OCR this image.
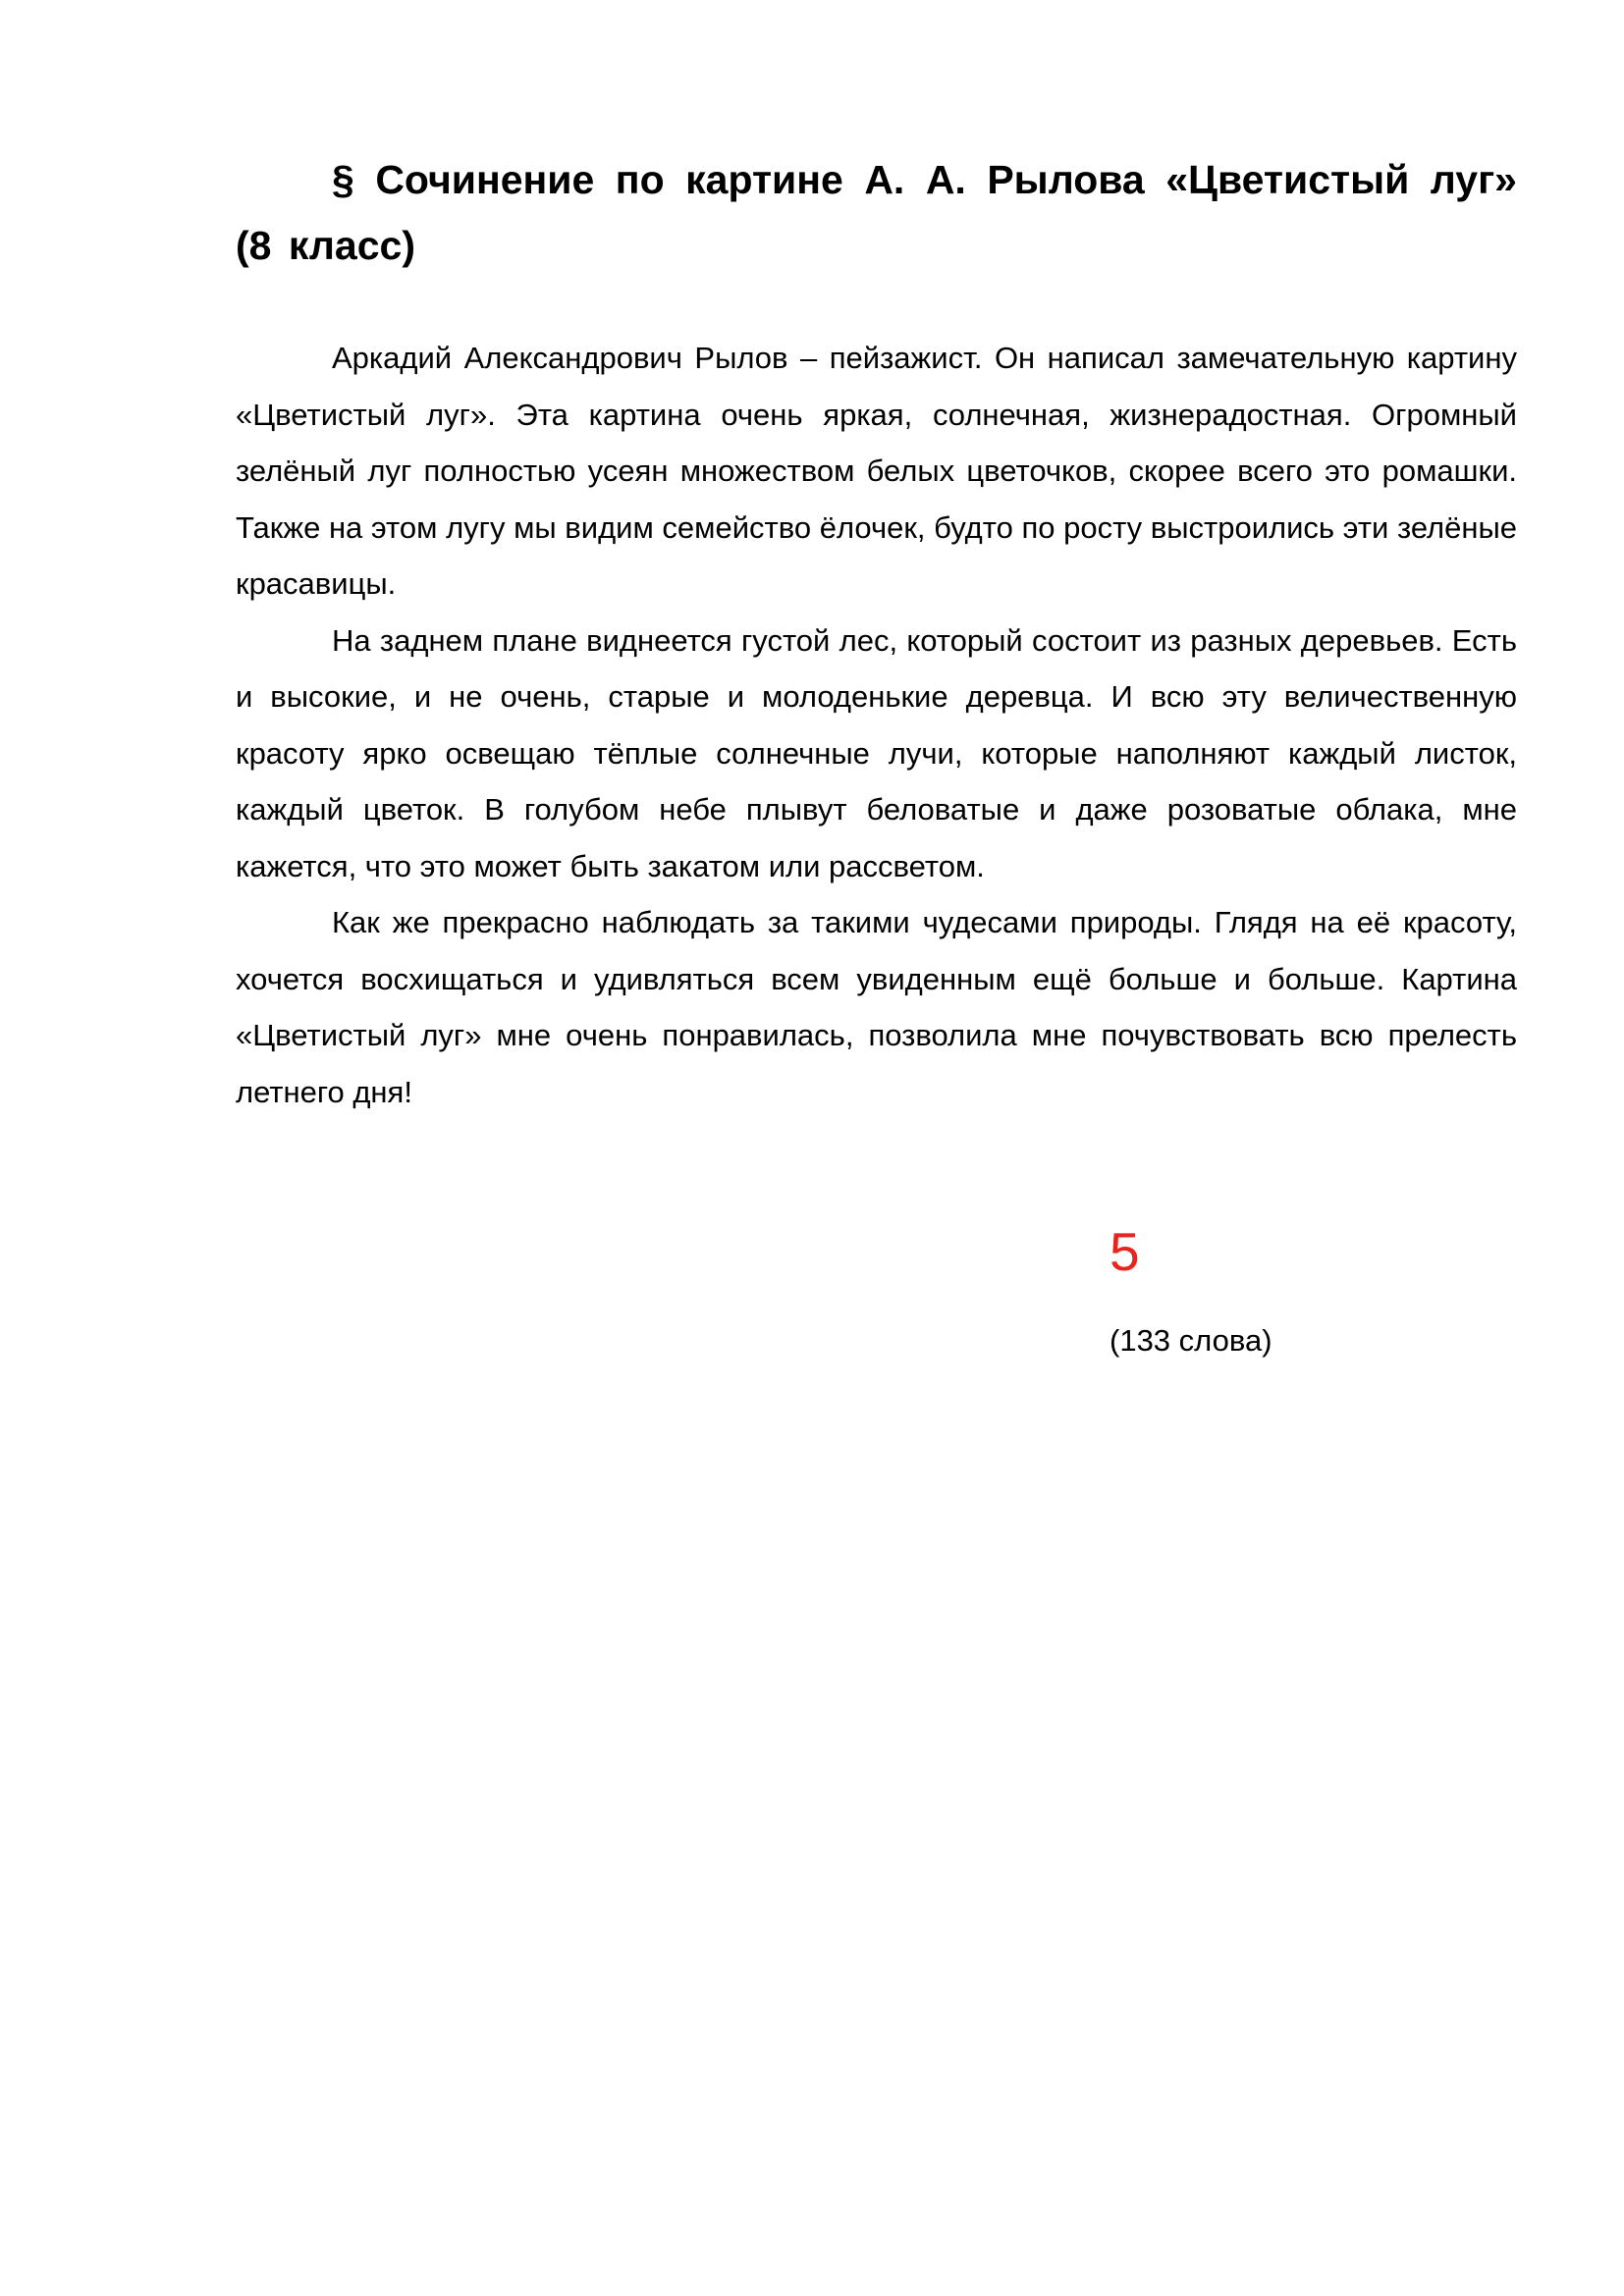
§ Сочинение по картине А. А. Рылова «Цветистый луг» (8 класс)

Аркадий Александрович Рылов – пейзажист. Он написал замечательную картину «Цветистый луг». Эта картина очень яркая, солнечная, жизнерадостная. Огромный зелёный луг полностью усеян множеством белых цветочков, скорее всего это ромашки. Также на этом лугу мы видим семейство ёлочек, будто по росту выстроились эти зелёные красавицы.

На заднем плане виднеется густой лес, который состоит из разных деревьев. Есть и высокие, и не очень, старые и молоденькие деревца. И всю эту величественную красоту ярко освещаю тёплые солнечные лучи, которые наполняют каждый листок, каждый цветок. В голубом небе плывут беловатые и даже розоватые облака, мне кажется, что это может быть закатом или рассветом.

Как же прекрасно наблюдать за такими чудесами природы. Глядя на её красоту, хочется восхищаться и удивляться всем увиденным ещё больше и больше. Картина «Цветистый луг» мне очень понравилась, позволила мне почувствовать всю прелесть летнего дня!

5
(133 слова)
